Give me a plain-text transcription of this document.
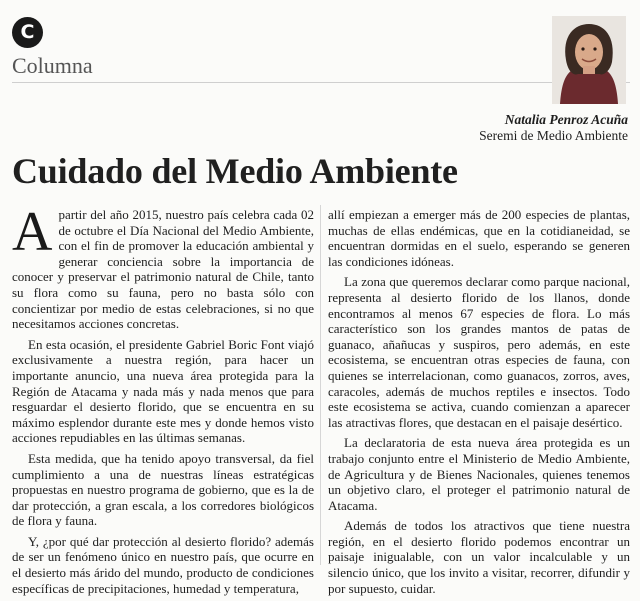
C
Columna
Natalia Penroz Acuña
Seremi de Medio Ambiente
Cuidado del Medio Ambiente

Apartir del año 2015, nuestro país celebra cada 02 de octubre el Día Nacional del Medio Ambiente, con el fin de promover la educación ambiental y generar conciencia sobre la importancia de conocer y preservar el patrimonio natural de Chile, tanto su flora como su fauna, pero no basta sólo con concientizar por medio de estas celebraciones, si no que necesitamos acciones concretas.

En esta ocasión, el presidente Gabriel Boric Font viajó exclusivamente a nuestra región, para hacer un importante anuncio, una nueva área protegida para la Región de Atacama y nada más y nada menos que para resguardar el desierto florido, que se encuentra en su máximo esplendor durante este mes y donde hemos visto acciones repudiables en las últimas semanas.

Esta medida, que ha tenido apoyo transversal, da fiel cumplimiento a una de nuestras líneas estratégicas propuestas en nuestro programa de gobierno, que es la de dar protección, a gran escala, a los corredores biológicos de flora y fauna.

Y, ¿por qué dar protección al desierto florido? además de ser un fenómeno único en nuestro país, que ocurre en el desierto más árido del mundo, producto de condiciones específicas de precipitaciones, humedad y temperatura,

allí empiezan a emerger más de 200 especies de plantas, muchas de ellas endémicas, que en la cotidianeidad, se encuentran dormidas en el suelo, esperando se generen las condiciones idóneas.

La zona que queremos declarar como parque nacional, representa al desierto florido de los llanos, donde encontramos al menos 67 especies de flora. Lo más característico son los grandes mantos de patas de guanaco, añañucas y suspiros, pero además, en este ecosistema, se encuentran otras especies de fauna, con quienes se interrelacionan, como guanacos, zorros, aves, caracoles, además de muchos reptiles e insectos. Todo este ecosistema se activa, cuando comienzan a aparecer las atractivas flores, que destacan en el paisaje desértico.

La declaratoria de esta nueva área protegida es un trabajo conjunto entre el Ministerio de Medio Ambiente, de Agricultura y de Bienes Nacionales, quienes tenemos un objetivo claro, el proteger el patrimonio natural de Atacama.

Además de todos los atractivos que tiene nuestra región, en el desierto florido podemos encontrar un paisaje inigualable, con un valor incalculable y un silencio único, que los invito a visitar, recorrer, difundir y por supuesto, cuidar.
